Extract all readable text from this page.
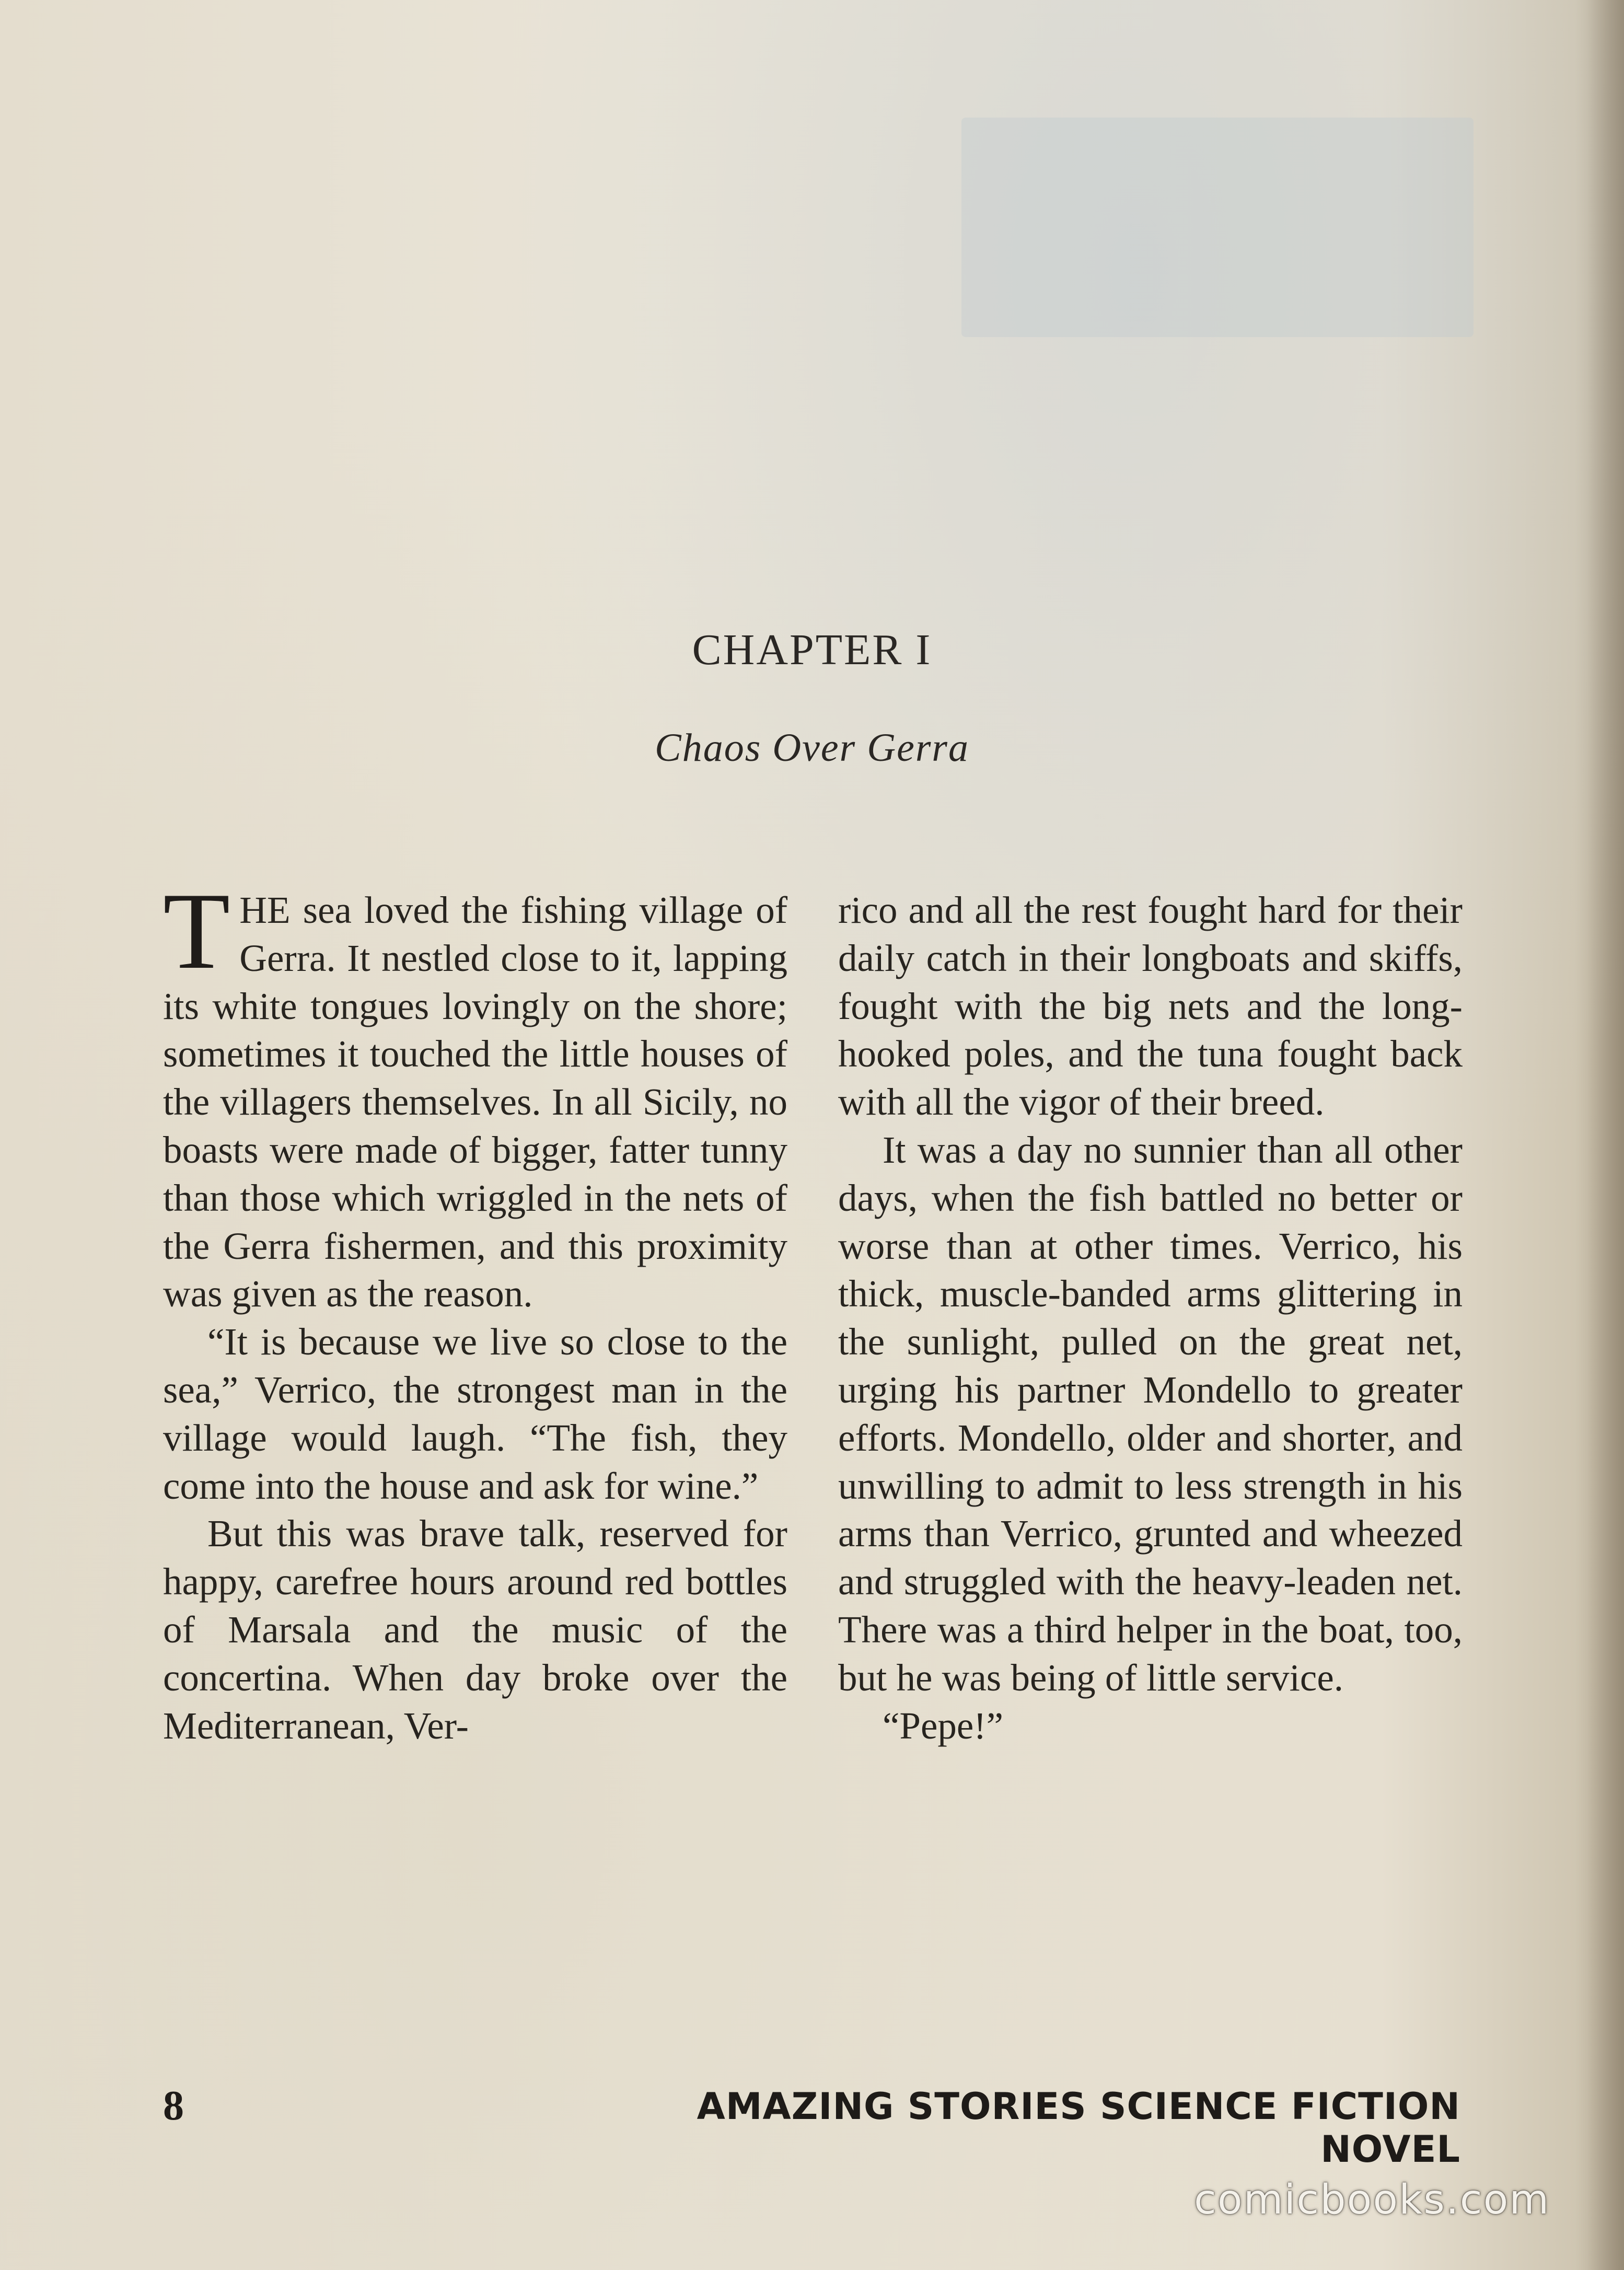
CHAPTER I
Chaos Over Gerra

THE sea loved the fishing village of Gerra. It nestled close to it, lapping its white tongues lovingly on the shore; sometimes it touched the little houses of the villagers themselves. In all Sicily, no boasts were made of bigger, fatter tunny than those which wriggled in the nets of the Gerra fishermen, and this proximity was given as the reason.

“It is because we live so close to the sea,” Verrico, the strongest man in the village would laugh. “The fish, they come into the house and ask for wine.”

But this was brave talk, reserved for happy, carefree hours around red bottles of Marsala and the music of the concertina. When day broke over the Mediterranean, Ver-

rico and all the rest fought hard for their daily catch in their longboats and skiffs, fought with the big nets and the long-hooked poles, and the tuna fought back with all the vigor of their breed.

It was a day no sunnier than all other days, when the fish battled no better or worse than at other times. Verrico, his thick, muscle-banded arms glittering in the sunlight, pulled on the great net, urging his partner Mondello to greater efforts. Mondello, older and shorter, and unwilling to admit to less strength in his arms than Verrico, grunted and wheezed and struggled with the heavy-leaden net. There was a third helper in the boat, too, but he was being of little service.

“Pepe!”

8	AMAZING STORIES SCIENCE FICTION NOVEL
comicbooks.com
